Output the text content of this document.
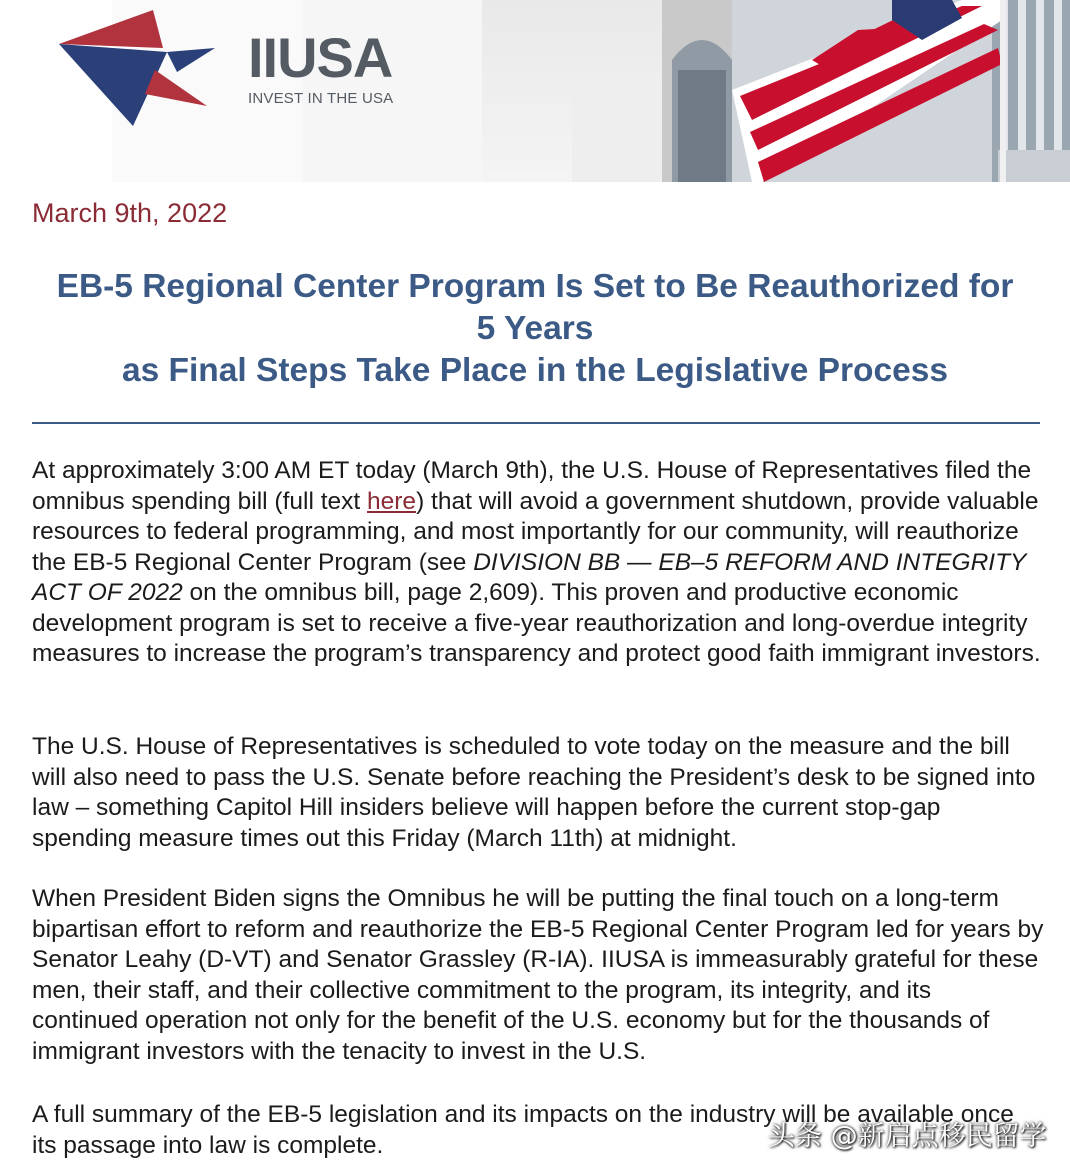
IIUSA
INVEST IN THE USA
March 9th, 2022
EB-5 Regional Center Program Is Set to Be Reauthorized for
5 Years
as Final Steps Take Place in the Legislative Process

At approximately 3:00 AM ET today (March 9th), the U.S. House of Representatives filed the omnibus spending bill (full text here) that will avoid a government shutdown, provide valuable resources to federal programming, and most importantly for our community, will reauthorize the EB-5 Regional Center Program (see DIVISION BB — EB–5 REFORM AND INTEGRITY ACT OF 2022 on the omnibus bill, page 2,609). This proven and productive economic development program is set to receive a five-year reauthorization and long-overdue integrity measures to increase the program’s transparency and protect good faith immigrant investors.

The U.S. House of Representatives is scheduled to vote today on the measure and the bill will also need to pass the U.S. Senate before reaching the President’s desk to be signed into law – something Capitol Hill insiders believe will happen before the current stop-gap spending measure times out this Friday (March 11th) at midnight.

When President Biden signs the Omnibus he will be putting the final touch on a long-term bipartisan effort to reform and reauthorize the EB-5 Regional Center Program led for years by Senator Leahy (D-VT) and Senator Grassley (R-IA). IIUSA is immeasurably grateful for these men, their staff, and their collective commitment to the program, its integrity, and its continued operation not only for the benefit of the U.S. economy but for the thousands of immigrant investors with the tenacity to invest in the U.S.

A full summary of the EB-5 legislation and its impacts on the industry will be available once its passage into law is complete.	头条 @新启点移民留学
